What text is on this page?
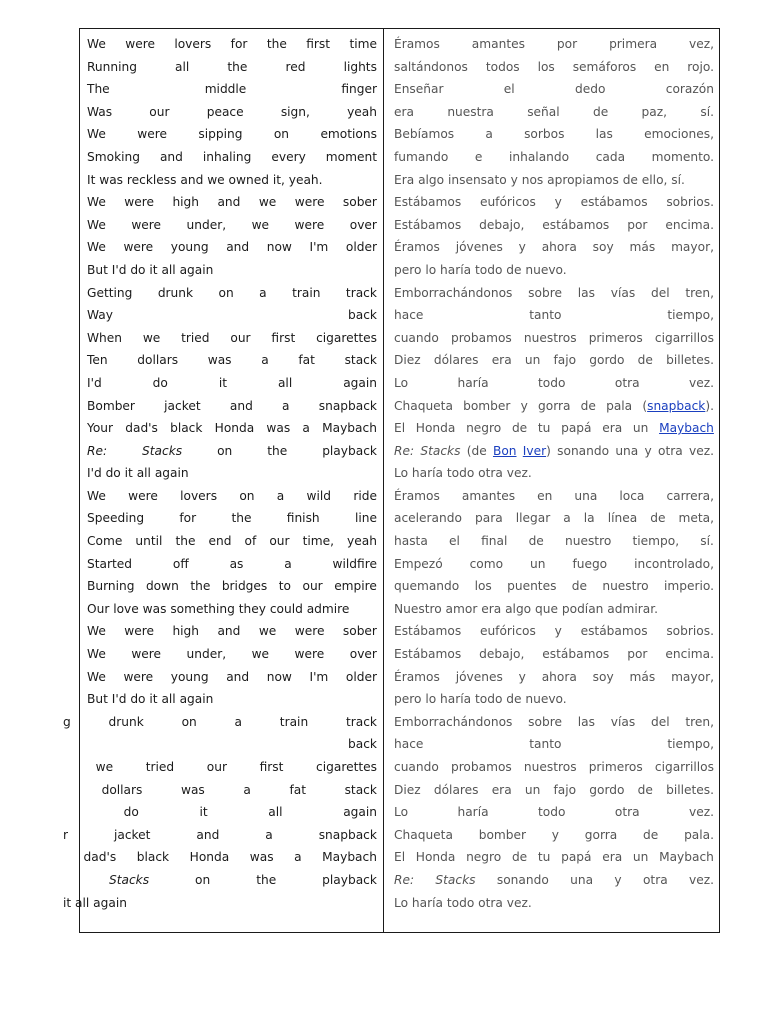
We were lovers for the first time
Running	all	the	red	lights
The	middle	finger
Was	our	peace	sign,	yeah
We	were	sipping	on	emotions
Smoking and inhaling every moment
It was reckless and we owned it, yeah.
We were high and we were sober
We were under, we were over
We were young and now I'm older
But I'd do it all again
Getting drunk on a train track
Way	back
When we tried our first cigarettes
Ten dollars was a fat stack
I'd	do	it	all	again
Bomber jacket and a snapback
Your dad's black Honda was a Maybach
Re:	Stacks	on	the	playback
I'd do it all again
We were lovers on a wild ride
Speeding	for	the	finish	line
Come until the end of our time, yeah
Started	off	as	a	wildfire
Burning down the bridges to our empire
Our love was something they could admire
We were high and we were sober
We were under, we were over
We were young and now I'm older
But I'd do it all again
g	drunk	on	a	train	track
back
we	tried	our	first	cigarettes
dollars	was	a	fat	stack
do	it	all	again
r	jacket	and	a	snapback
dad's black Honda was a Maybach
Stacks	on	the	playback
it all again
Éramos	amantes	por	primera	vez,
saltándonos todos los semáforos en rojo.
Enseñar	el	dedo	corazón
era	nuestra	señal	de	paz,	sí.
Bebíamos	a	sorbos	las	emociones,
fumando e inhalando cada momento.
Era algo insensato y nos apropiamos de ello, sí.
Estábamos eufóricos y estábamos sobrios.
Estábamos debajo, estábamos por encima.
Éramos jóvenes y ahora soy más mayor,
pero lo haría todo de nuevo.
Emborrachándonos sobre las vías del tren,
hace	tanto	tiempo,
cuando probamos nuestros primeros cigarrillos
Diez dólares era un fajo gordo de billetes.
Lo	haría	todo	otra	vez.
Chaqueta bomber y gorra de pala (snapback).
El Honda negro de tu papá era un Maybach
Re: Stacks (de Bon Iver) sonando una y otra vez.
Lo haría todo otra vez.
Éramos amantes en una loca carrera,
acelerando para llegar a la línea de meta,
hasta el final de nuestro tiempo, sí.
Empezó como un fuego incontrolado,
quemando los puentes de nuestro imperio.
Nuestro amor era algo que podían admirar.
Estábamos eufóricos y estábamos sobrios.
Estábamos debajo, estábamos por encima.
Éramos jóvenes y ahora soy más mayor,
pero lo haría todo de nuevo.
Emborrachándonos sobre las vías del tren,
hace	tanto	tiempo,
cuando probamos nuestros primeros cigarrillos
Diez dólares era un fajo gordo de billetes.
Lo	haría	todo	otra	vez.
Chaqueta bomber y gorra de pala.
El Honda negro de tu papá era un Maybach
Re: Stacks sonando una y otra vez.
Lo haría todo otra vez.
